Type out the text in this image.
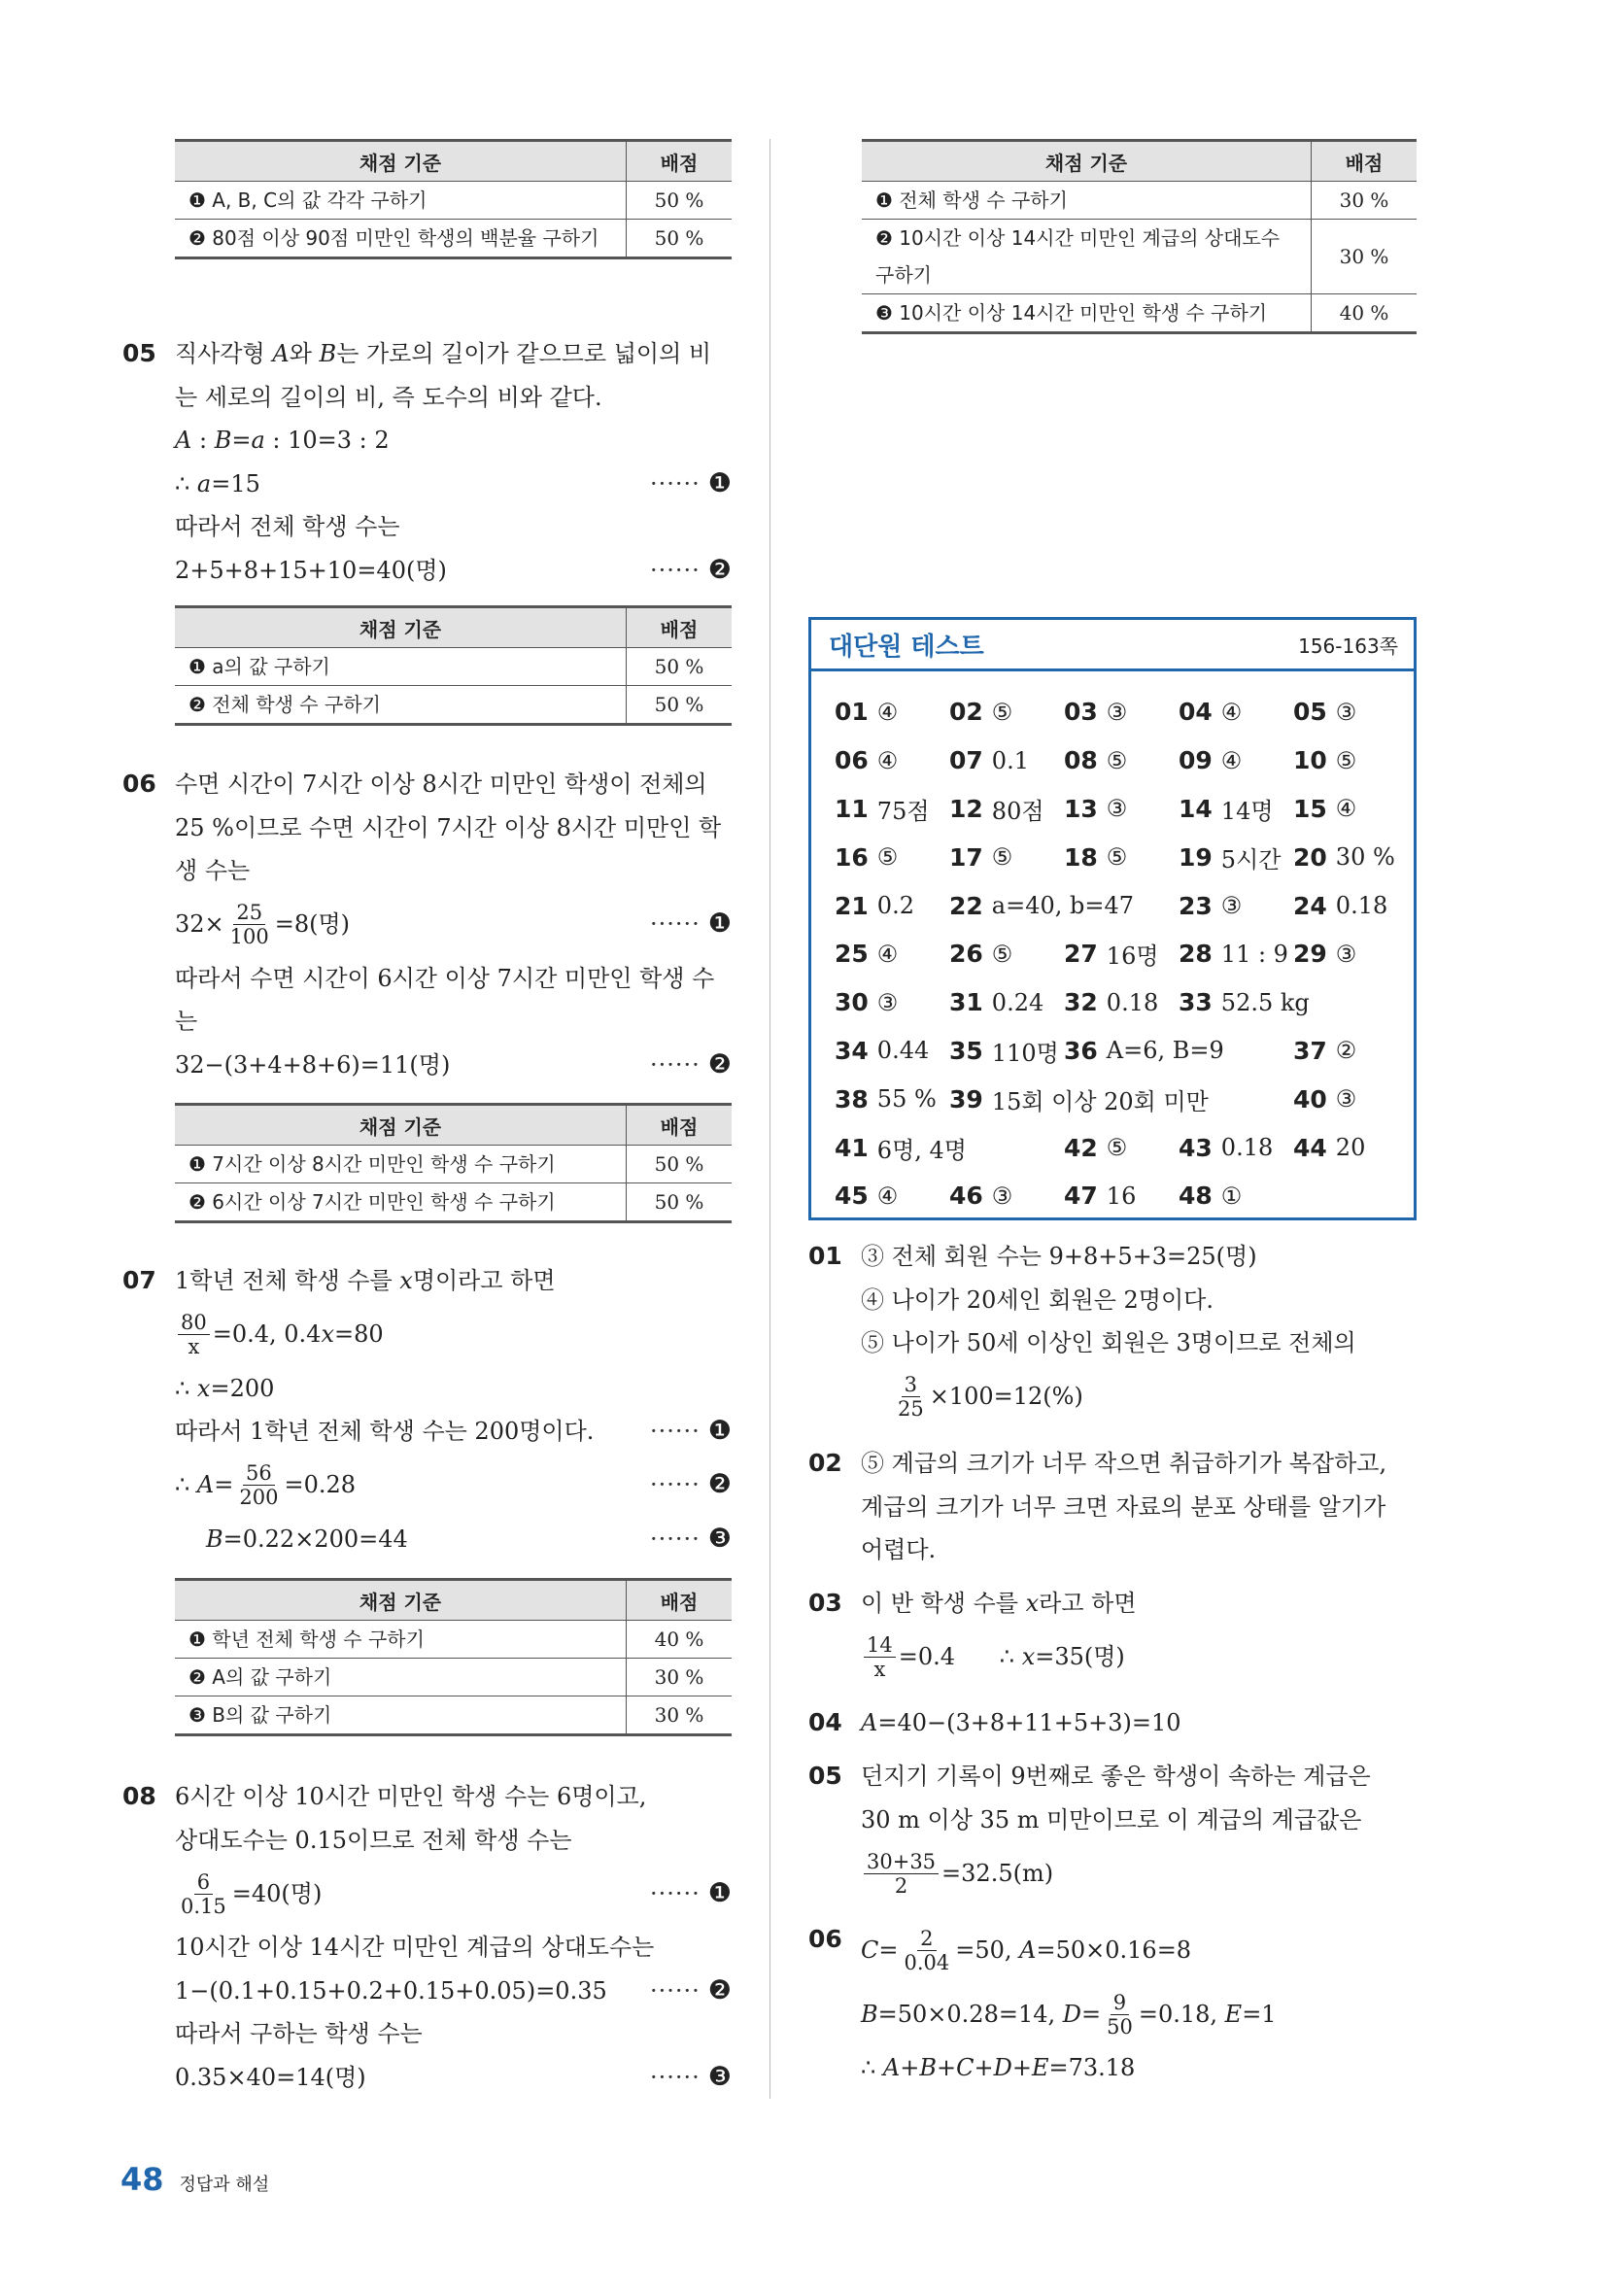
채점 기준	배점
❶ A, B, C의 값 각각 구하기	50 %
❷ 80점 이상 90점 미만인 학생의 백분율 구하기	50 %
05 직사각형 A 와 B 는 가로의 길이가 같으므로 넓이의 비
는 세로의 길이의 비, 즉 도수의 비와 같다.
A : B = a : 10=3 : 2
∴ a =15	······ ❶
따라서 전체 학생 수는
2+5+8+15+10=40(명)	······ ❷
채점 기준	배점
❶ a의 값 구하기	50 %
❷ 전체 학생 수 구하기	50 %
06 수면 시간이 7시간 이상 8시간 미만인 학생이 전체의
25 %이므로 수면 시간이 7시간 이상 8시간 미만인 학
생 수는
$32\times \frac{25}{100} =8$(명)	······ ❶
따라서 수면 시간이 6시간 이상 7시간 미만인 학생 수
는
32−(3+4+8+6)=11(명)	······ ❷
채점 기준	배점
❶ 7시간 이상 8시간 미만인 학생 수 구하기	50 %
❷ 6시간 이상 7시간 미만인 학생 수 구하기	50 %
07 1학년 전체 학생 수를 x 명이라고 하면
$\frac{80}{x} =0.4$, 0.4 x =80
∴ x =200
따라서 1학년 전체 학생 수는 200명이다. ······ ❶
∴ $A = \frac{56}{200} =0.28$	······ ❷
B =0.22×200=44	······ ❸
채점 기준	배점
❶ 학년 전체 학생 수 구하기	40 %
❷ A의 값 구하기	30 %
❸ B의 값 구하기	30 %
08 6시간 이상 10시간 미만인 학생 수는 6명이고,
상대도수는 0.15이므로 전체 학생 수는
$\frac{6}{0.15} =40$(명)	······ ❶
10시간 이상 14시간 미만인 계급의 상대도수는
1−(0.1+0.15+0.2+0.15+0.05)=0.35 ······ ❷
따라서 구하는 학생 수는
0.35×40=14(명)	······ ❸
채점 기준	배점
❶ 전체 학생 수 구하기	30 %
❷ 10시간 이상 14시간 미만인 계급의 상대도수 구하기	30 %
❸ 10시간 이상 14시간 미만인 학생 수 구하기	40 %
대단원 테스트	156-163쪽
01 ④ 02 ⑤ 03 ③ 04 ④ 05 ③
06 ④ 07 0.1 08 ⑤ 09 ④ 10 ⑤
11 75점 12 80점 13 ③ 14 14명 15 ④
16 ⑤ 17 ⑤ 18 ⑤ 19 5시간 20 30 %
21 0.2 22 a=40, b=47 23 ③ 24 0.18
25 ④ 26 ⑤ 27 16명 28 11 : 9 29 ③
30 ③ 31 0.24 32 0.18 33 52.5 kg
34 0.44 35 110명 36 A=6, B=9	37 ②
38 55 % 39 15회 이상 20회 미만	40 ③
41 6명, 4명	42 ⑤ 43 0.18 44 20
45 ④ 46 ③ 47 16 48 ①
01 ③ 전체 회원 수는 9+8+5+3=25(명)
④ 나이가 20세인 회원은 2명이다.
⑤ 나이가 50세 이상인 회원은 3명이므로 전체의
$\frac{3}{25} \times 100=12(\%)$
02 ⑤ 계급의 크기가 너무 작으면 취급하기가 복잡하고,
계급의 크기가 너무 크면 자료의 분포 상태를 알기가
어렵다.
03 이 반 학생 수를 x 라고 하면
$\frac{14}{x} =0.4$      ∴ x =35(명)
04 A =40−(3+8+11+5+3)=10
05 던지기 기록이 9번째로 좋은 학생이 속하는 계급은
30 m 이상 35 m 미만이므로 이 계급의 계급값은
$\frac{30+35}{2} =32.5(m)$
06 $C = \frac{2}{0.04} =50$, A =50×0.16=8
B =50×0.28=14, $D = \frac{9}{50} =0.18$, E =1
∴ A + B + C + D + E =73.18
48 정답과 해설
